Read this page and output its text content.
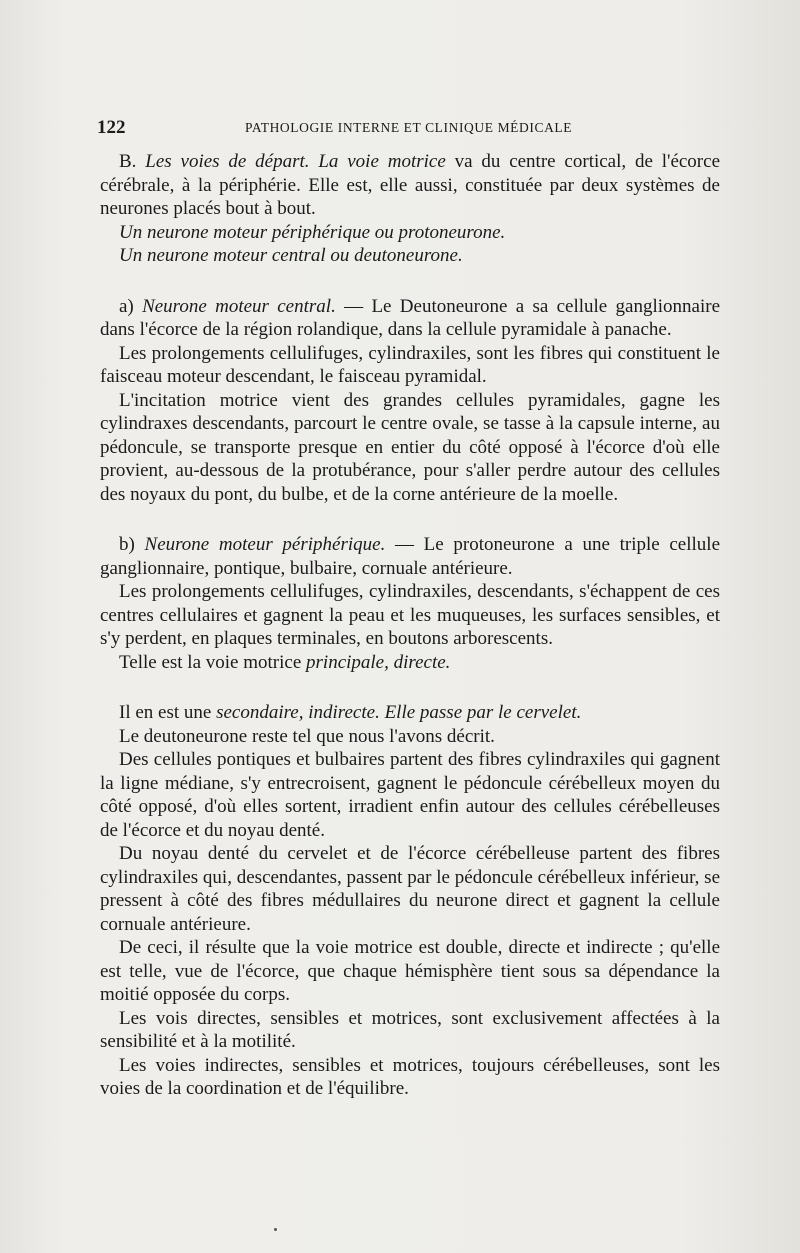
122	PATHOLOGIE INTERNE ET CLINIQUE MÉDICALE

B. Les voies de départ. La voie motrice va du centre cortical, de l'écorce cérébrale, à la périphérie. Elle est, elle aussi, constituée par deux systèmes de neurones placés bout à bout.

Un neurone moteur périphérique ou protoneurone.

Un neurone moteur central ou deutoneurone.

a) Neurone moteur central. — Le Deutoneurone a sa cellule ganglionnaire dans l'écorce de la région rolandique, dans la cellule pyramidale à panache.

Les prolongements cellulifuges, cylindraxiles, sont les fibres qui constituent le faisceau moteur descendant, le faisceau pyramidal.

L'incitation motrice vient des grandes cellules pyramidales, gagne les cylindraxes descendants, parcourt le centre ovale, se tasse à la capsule interne, au pédoncule, se transporte presque en entier du côté opposé à l'écorce d'où elle provient, au-dessous de la protubérance, pour s'aller perdre autour des cellules des noyaux du pont, du bulbe, et de la corne antérieure de la moelle.

b) Neurone moteur périphérique. — Le protoneurone a une triple cellule ganglionnaire, pontique, bulbaire, cornuale antérieure.

Les prolongements cellulifuges, cylindraxiles, descendants, s'échappent de ces centres cellulaires et gagnent la peau et les muqueuses, les surfaces sensibles, et s'y perdent, en plaques terminales, en boutons arborescents.

Telle est la voie motrice principale, directe.

Il en est une secondaire, indirecte. Elle passe par le cervelet.

Le deutoneurone reste tel que nous l'avons décrit.

Des cellules pontiques et bulbaires partent des fibres cylindraxiles qui gagnent la ligne médiane, s'y entrecroisent, gagnent le pédoncule cérébelleux moyen du côté opposé, d'où elles sortent, irradient enfin autour des cellules cérébelleuses de l'écorce et du noyau denté.

Du noyau denté du cervelet et de l'écorce cérébelleuse partent des fibres cylindraxiles qui, descendantes, passent par le pédoncule cérébelleux inférieur, se pressent à côté des fibres médullaires du neurone direct et gagnent la cellule cornuale antérieure.

De ceci, il résulte que la voie motrice est double, directe et indirecte ; qu'elle est telle, vue de l'écorce, que chaque hémisphère tient sous sa dépendance la moitié opposée du corps.

Les vois directes, sensibles et motrices, sont exclusivement affectées à la sensibilité et à la motilité.

Les voies indirectes, sensibles et motrices, toujours cérébelleuses, sont les voies de la coordination et de l'équilibre.
